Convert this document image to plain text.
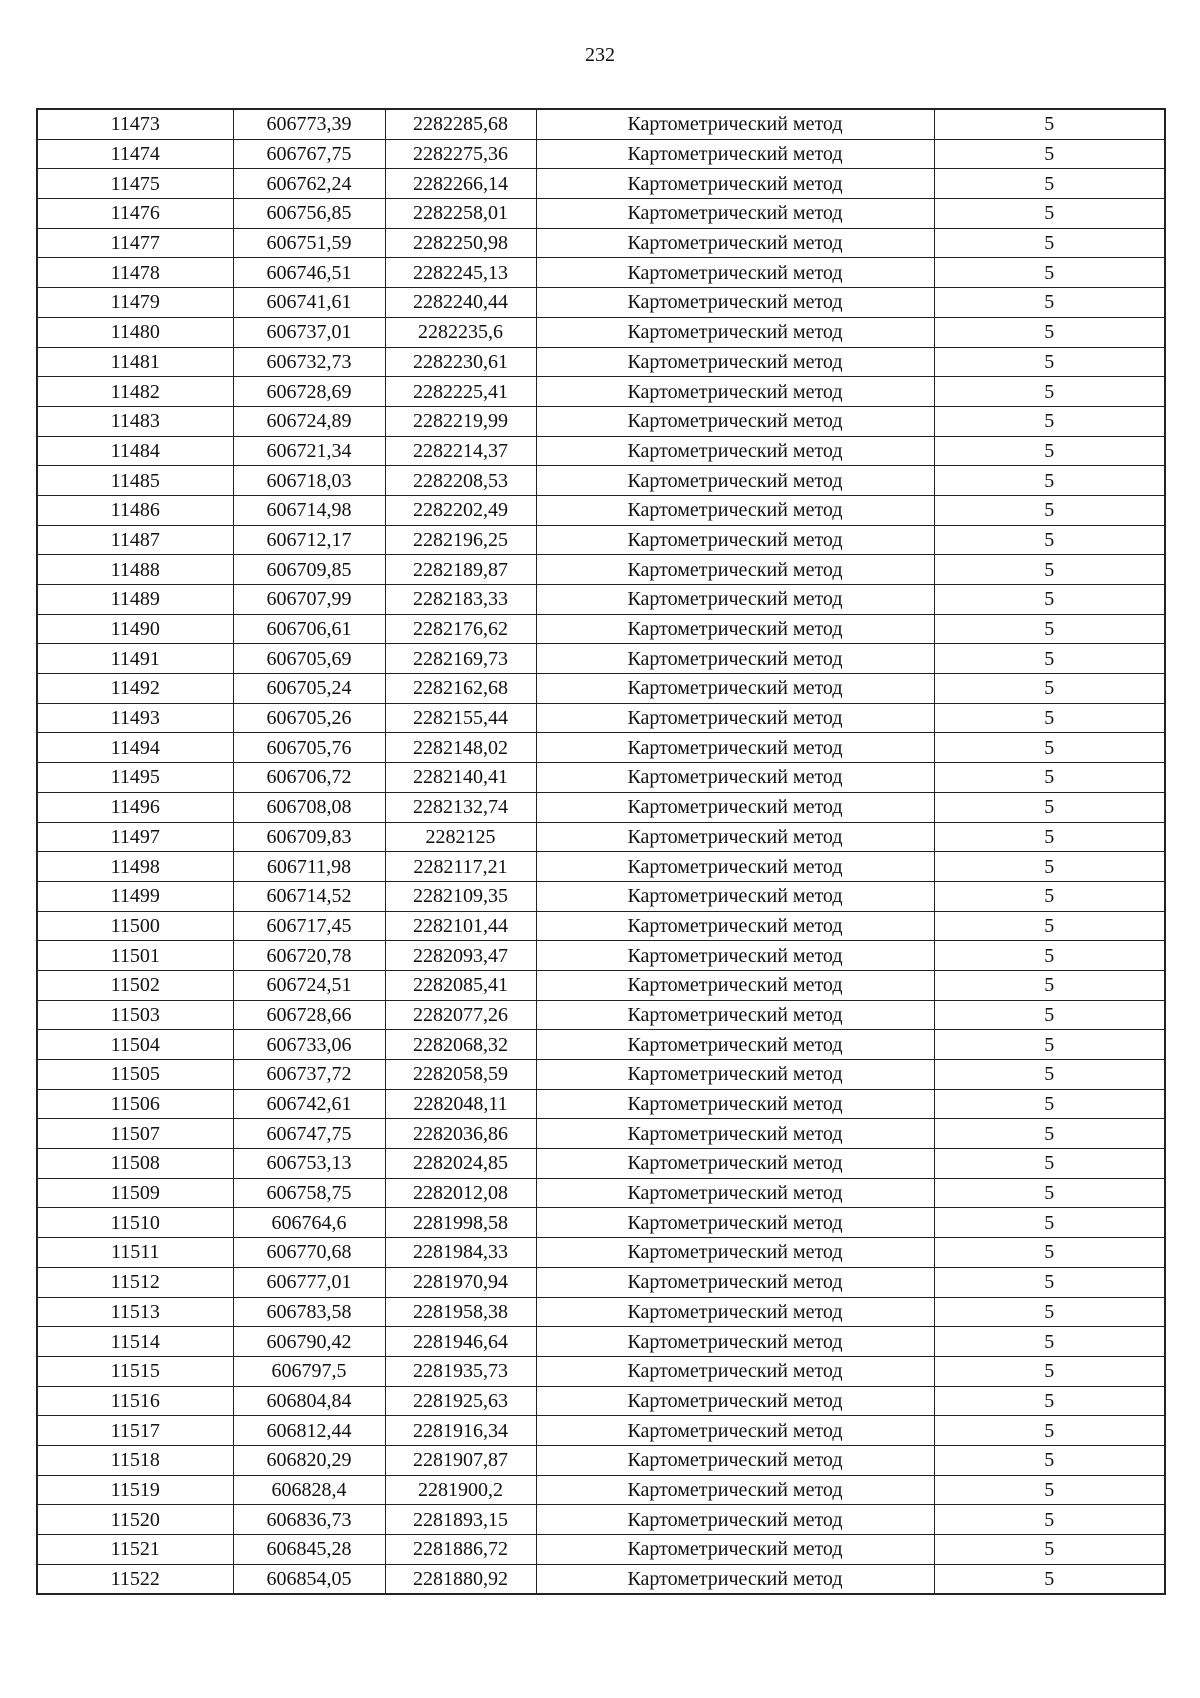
232
11473	606773,39	2282285,68	Картометрический метод	5
11474	606767,75	2282275,36	Картометрический метод	5
11475	606762,24	2282266,14	Картометрический метод	5
11476	606756,85	2282258,01	Картометрический метод	5
11477	606751,59	2282250,98	Картометрический метод	5
11478	606746,51	2282245,13	Картометрический метод	5
11479	606741,61	2282240,44	Картометрический метод	5
11480	606737,01	2282235,6	Картометрический метод	5
11481	606732,73	2282230,61	Картометрический метод	5
11482	606728,69	2282225,41	Картометрический метод	5
11483	606724,89	2282219,99	Картометрический метод	5
11484	606721,34	2282214,37	Картометрический метод	5
11485	606718,03	2282208,53	Картометрический метод	5
11486	606714,98	2282202,49	Картометрический метод	5
11487	606712,17	2282196,25	Картометрический метод	5
11488	606709,85	2282189,87	Картометрический метод	5
11489	606707,99	2282183,33	Картометрический метод	5
11490	606706,61	2282176,62	Картометрический метод	5
11491	606705,69	2282169,73	Картометрический метод	5
11492	606705,24	2282162,68	Картометрический метод	5
11493	606705,26	2282155,44	Картометрический метод	5
11494	606705,76	2282148,02	Картометрический метод	5
11495	606706,72	2282140,41	Картометрический метод	5
11496	606708,08	2282132,74	Картометрический метод	5
11497	606709,83	2282125	Картометрический метод	5
11498	606711,98	2282117,21	Картометрический метод	5
11499	606714,52	2282109,35	Картометрический метод	5
11500	606717,45	2282101,44	Картометрический метод	5
11501	606720,78	2282093,47	Картометрический метод	5
11502	606724,51	2282085,41	Картометрический метод	5
11503	606728,66	2282077,26	Картометрический метод	5
11504	606733,06	2282068,32	Картометрический метод	5
11505	606737,72	2282058,59	Картометрический метод	5
11506	606742,61	2282048,11	Картометрический метод	5
11507	606747,75	2282036,86	Картометрический метод	5
11508	606753,13	2282024,85	Картометрический метод	5
11509	606758,75	2282012,08	Картометрический метод	5
11510	606764,6	2281998,58	Картометрический метод	5
11511	606770,68	2281984,33	Картометрический метод	5
11512	606777,01	2281970,94	Картометрический метод	5
11513	606783,58	2281958,38	Картометрический метод	5
11514	606790,42	2281946,64	Картометрический метод	5
11515	606797,5	2281935,73	Картометрический метод	5
11516	606804,84	2281925,63	Картометрический метод	5
11517	606812,44	2281916,34	Картометрический метод	5
11518	606820,29	2281907,87	Картометрический метод	5
11519	606828,4	2281900,2	Картометрический метод	5
11520	606836,73	2281893,15	Картометрический метод	5
11521	606845,28	2281886,72	Картометрический метод	5
11522	606854,05	2281880,92	Картометрический метод	5
